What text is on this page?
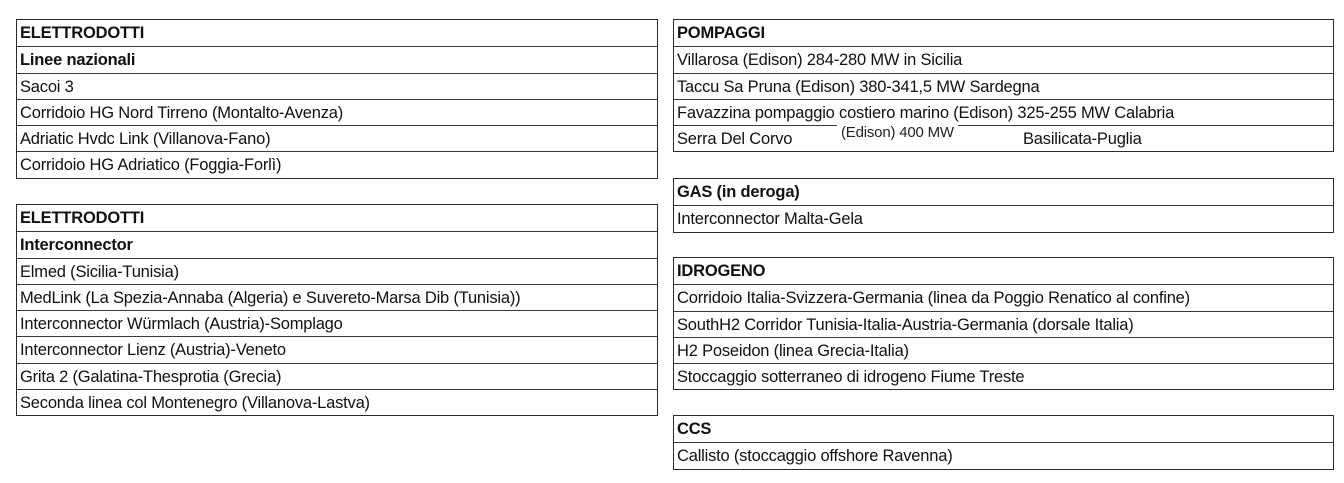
ELETTRODOTTI
Linee nazionali
Sacoi 3
Corridoio HG Nord Tirreno (Montalto-Avenza)
Adriatic Hvdc Link (Villanova-Fano)
Corridoio HG Adriatico (Foggia-Forlì)
ELETTRODOTTI
Interconnector
Elmed (Sicilia-Tunisia)
MedLink (La Spezia-Annaba (Algeria) e Suvereto-Marsa Dib (Tunisia))
Interconnector Würmlach (Austria)-Somplago
Interconnector Lienz (Austria)-Veneto
Grita 2 (Galatina-Thesprotia (Grecia)
Seconda linea col Montenegro (Villanova-Lastva)
POMPAGGI
Villarosa (Edison) 284-280 MW in Sicilia
Taccu Sa Pruna (Edison) 380-341,5 MW Sardegna
Favazzina pompaggio costiero marino (Edison) 325-255 MW Calabria
Serra Del Corvo	(Edison) 400 MW	Basilicata-Puglia
GAS (in deroga)
Interconnector Malta-Gela
IDROGENO
Corridoio Italia-Svizzera-Germania (linea da Poggio Renatico al confine)
SouthH2 Corridor Tunisia-Italia-Austria-Germania (dorsale Italia)
H2 Poseidon (linea Grecia-Italia)
Stoccaggio sotterraneo di idrogeno Fiume Treste
CCS
Callisto (stoccaggio offshore Ravenna)
